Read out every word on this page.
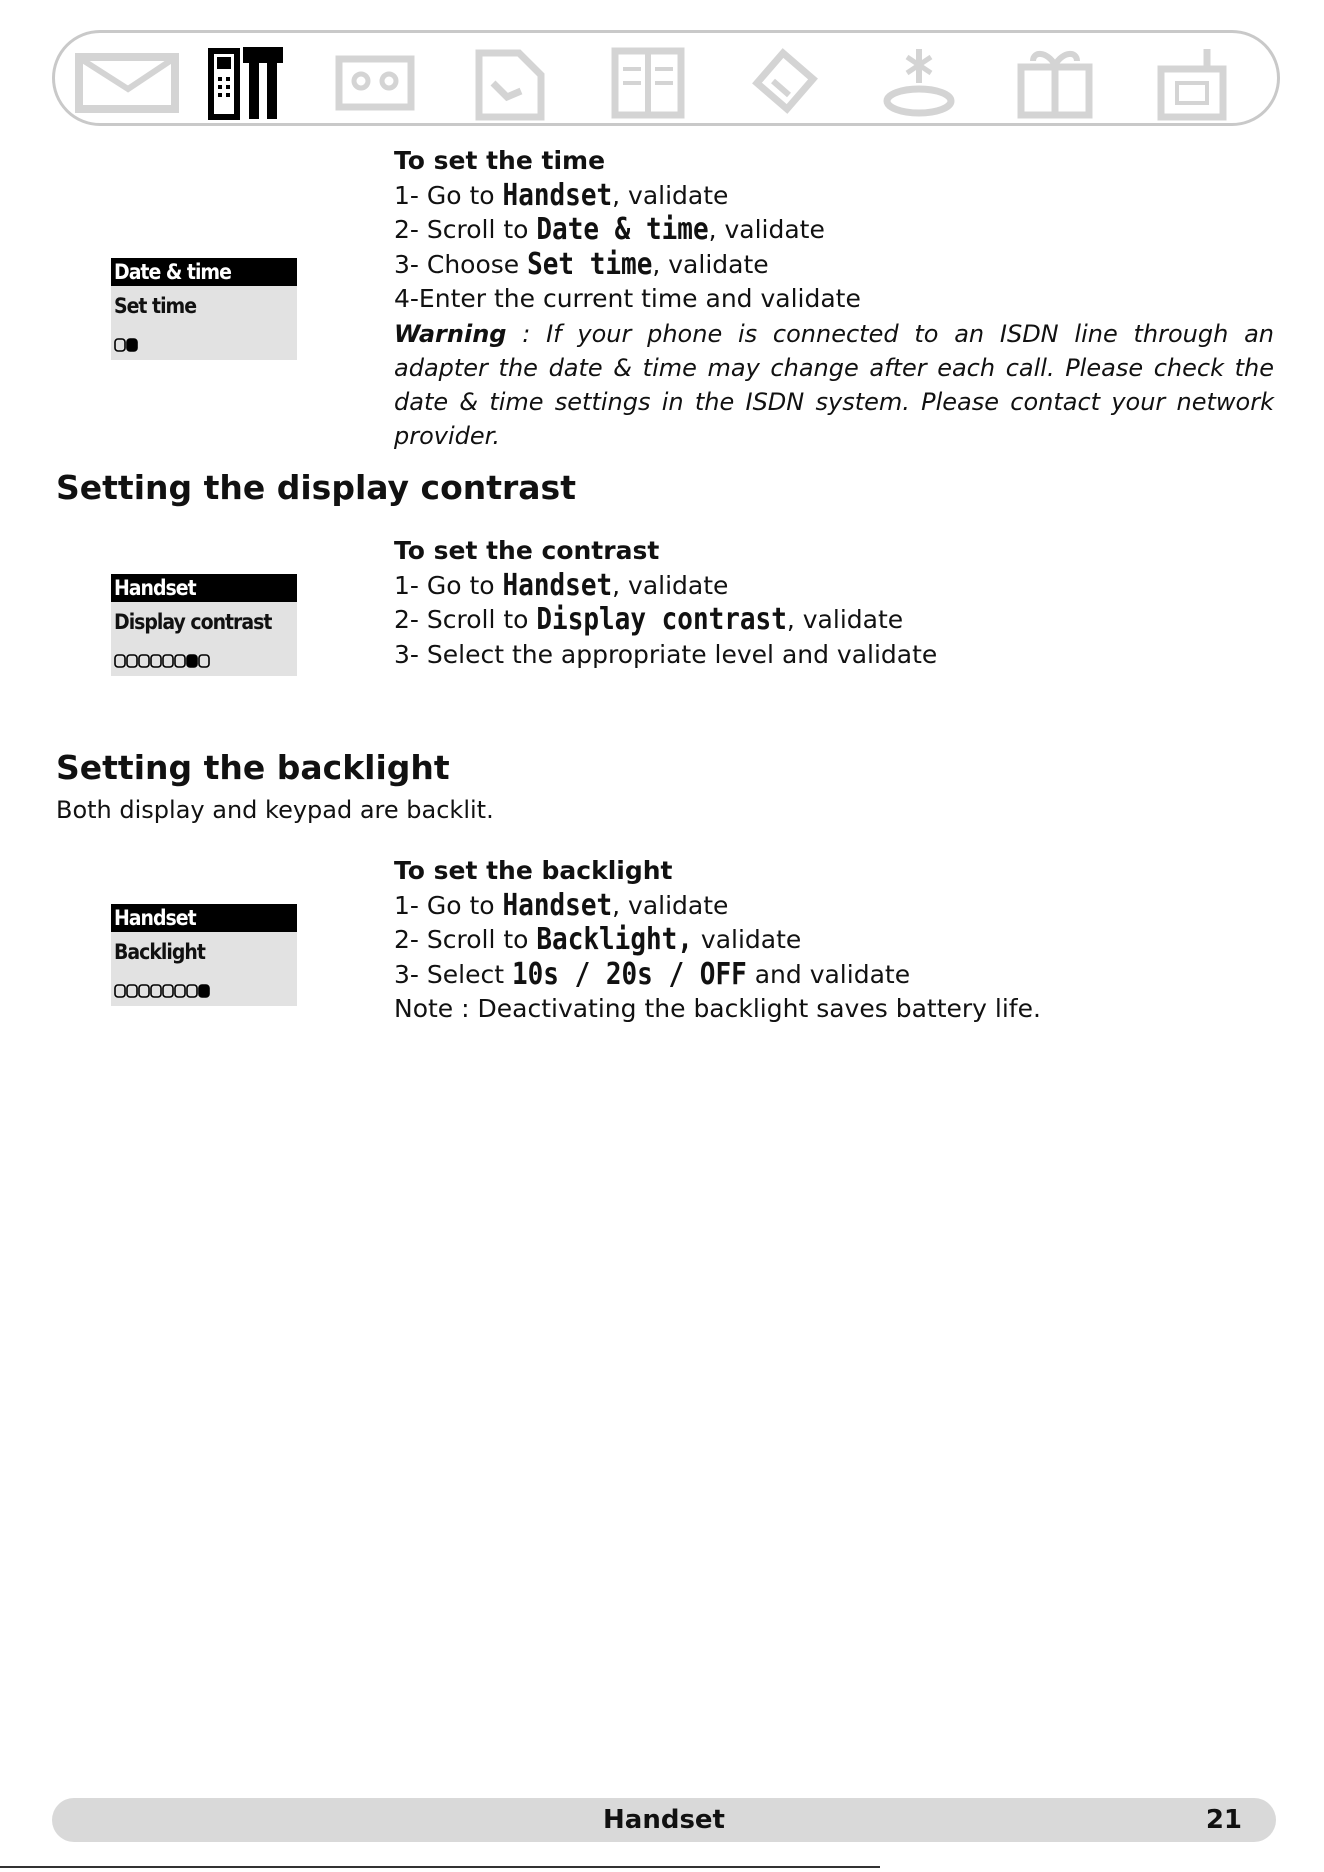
Date & time
Set time
To set the time
1- Go to Handset, validate
2- Scroll to Date & time, validate
3- Choose Set time, validate
4-Enter the current time and validate
Warning : If your phone is connected to an ISDN line through an adapter the date & time may change after each call. Please check the date & time settings in the ISDN system. Please contact your network provider.
Setting the display contrast
Handset
Display contrast
To set the contrast
1- Go to Handset, validate
2- Scroll to Display contrast, validate
3- Select the appropriate level and validate
Setting the backlight
Both display and keypad are backlit.
Handset
Backlight
To set the backlight
1- Go to Handset, validate
2- Scroll to Backlight, validate
3- Select 10s / 20s / OFF and validate
Note : Deactivating the backlight saves battery life.
Handset	21
